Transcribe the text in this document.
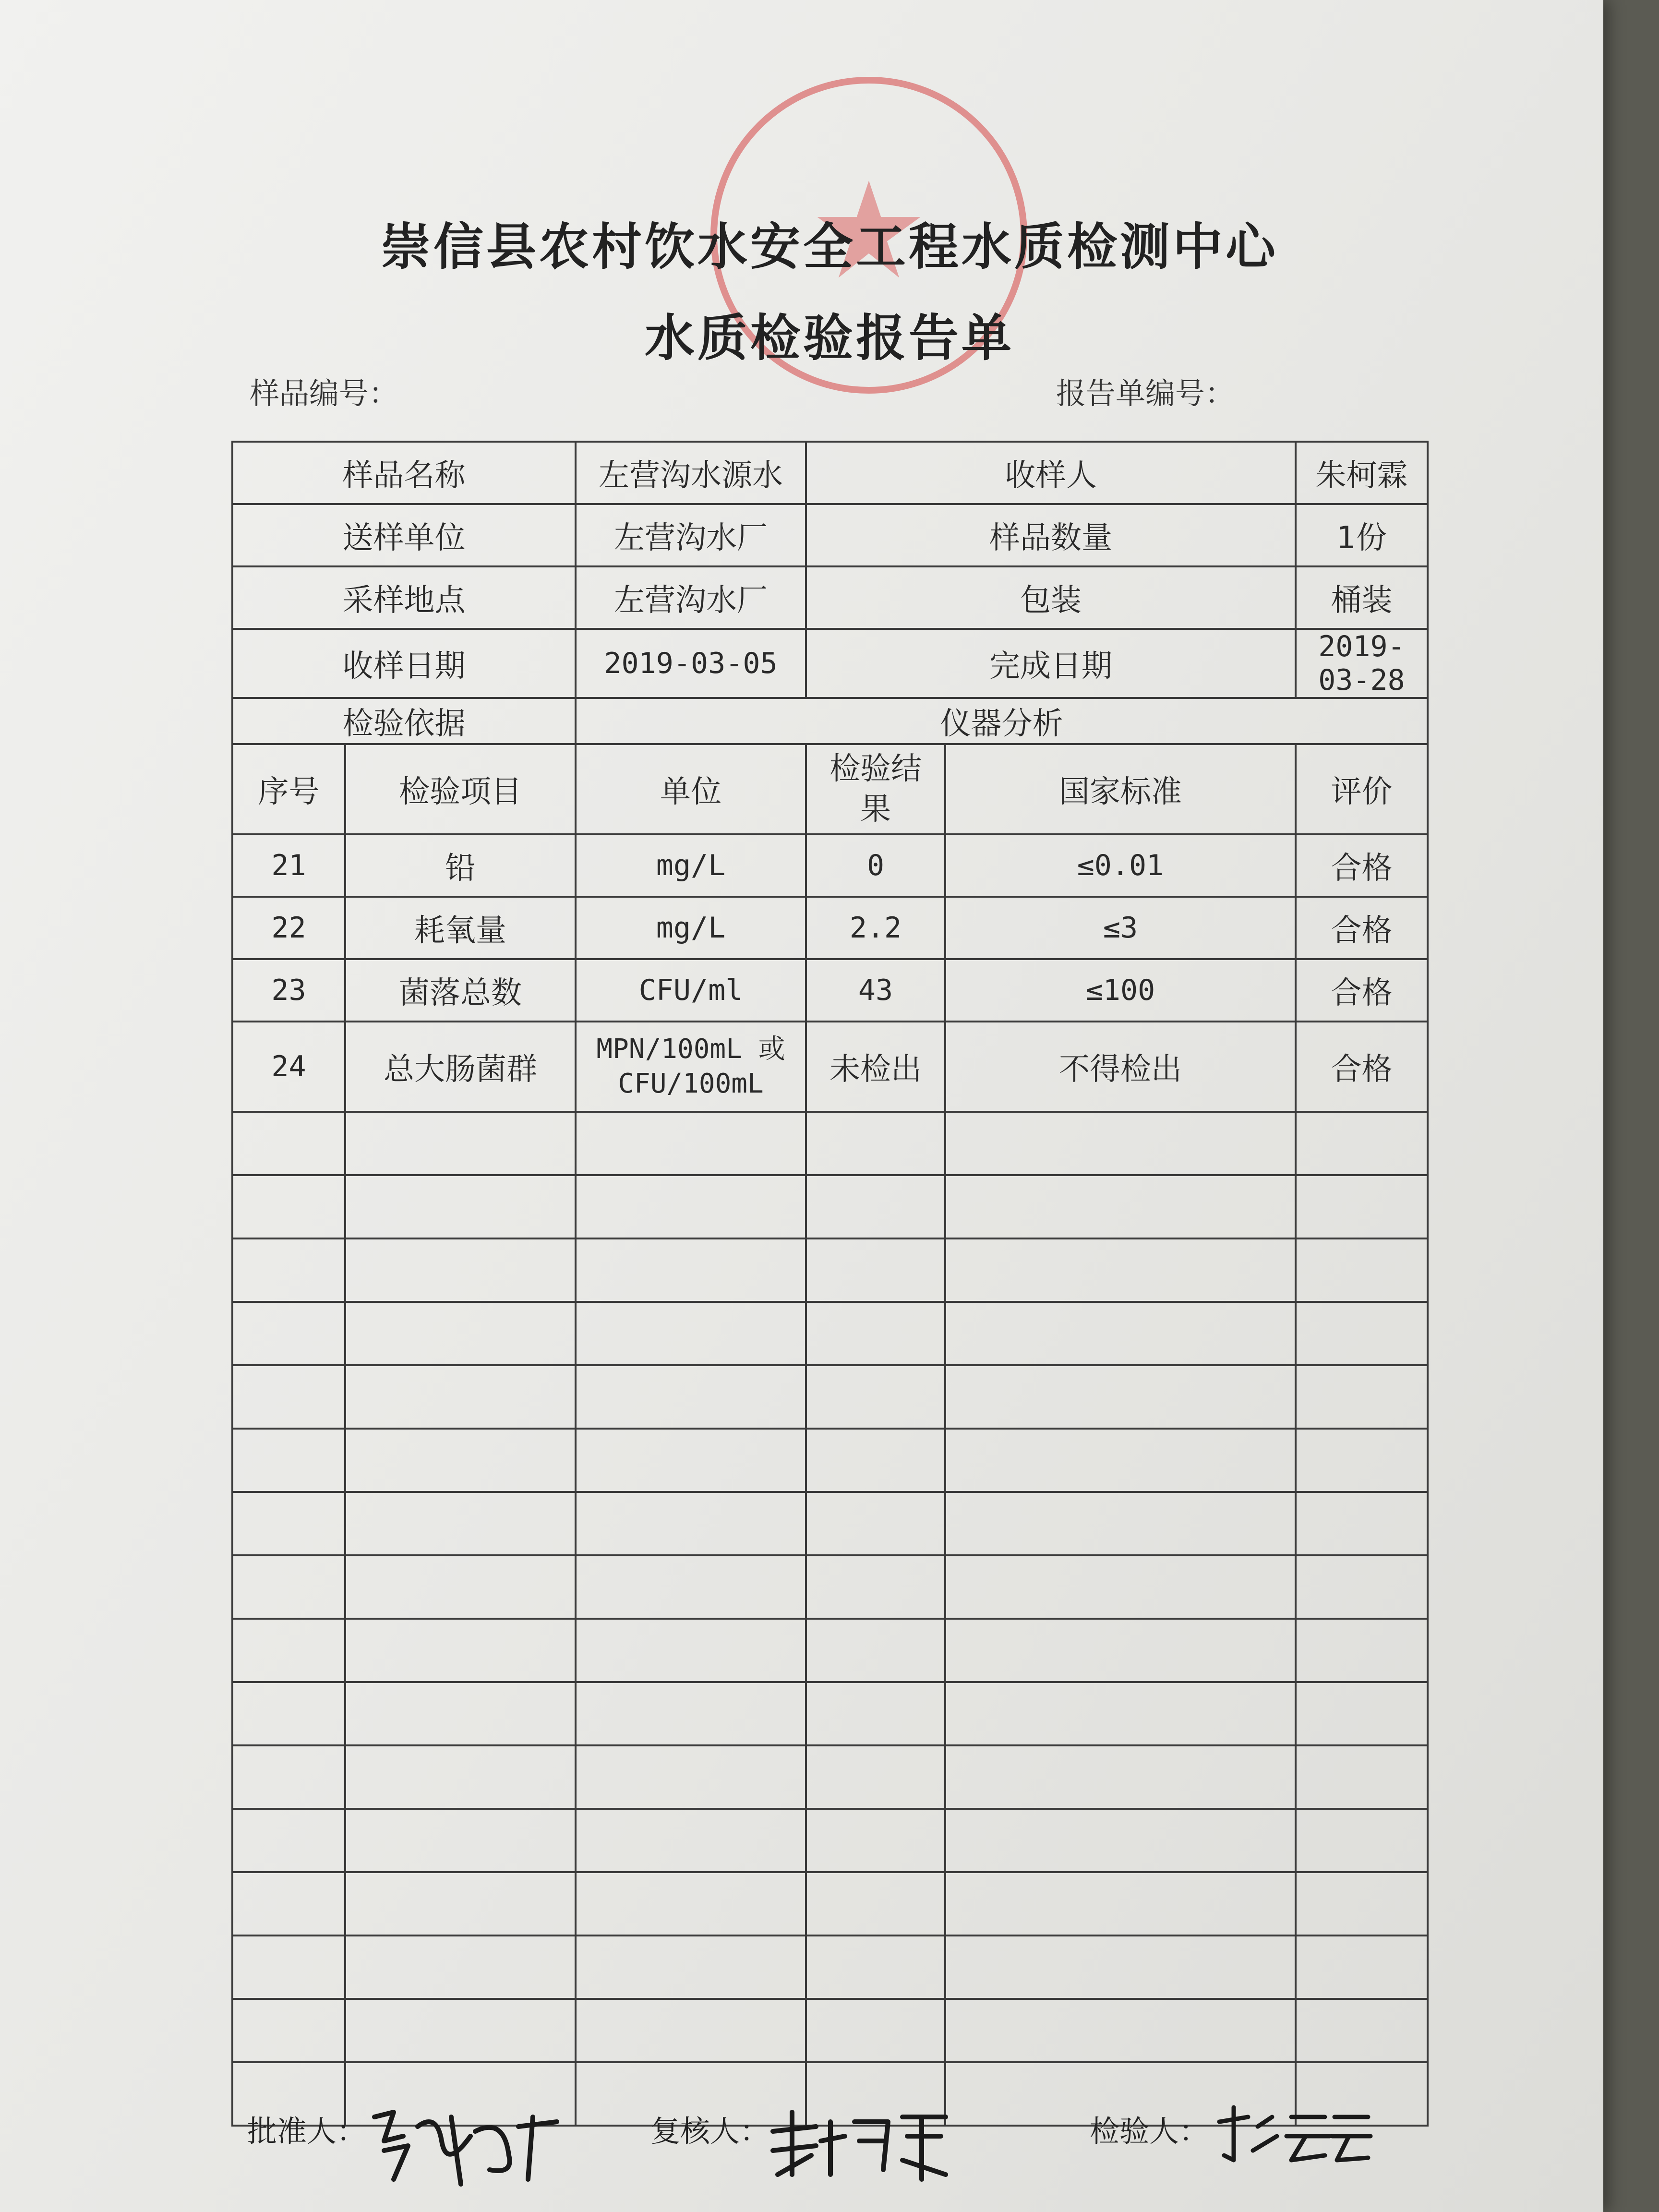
崇信县农村饮水安全工程水质检测中心
水质检验报告单
样品编号：	报告单编号：
样品名称		左营沟水源水	收样人		朱柯霖
送样单位		左营沟水厂	样品数量		1份
采样地点		左营沟水厂	包装		桶装
收样日期		2019-03-05	完成日期		2019-03-28
检验依据		仪器分析			
序号	检验项目	单位	检验结果	国家标准	评价
21	铅	mg/L	0	≤0.01	合格
22	耗氧量	mg/L	2.2	≤3	合格
23	菌落总数	CFU/ml	43	≤100	合格
24	总大肠菌群	MPN/100mL 或 CFU/100mL	未检出	不得检出	合格

批准人：	复核人：	检验人：
